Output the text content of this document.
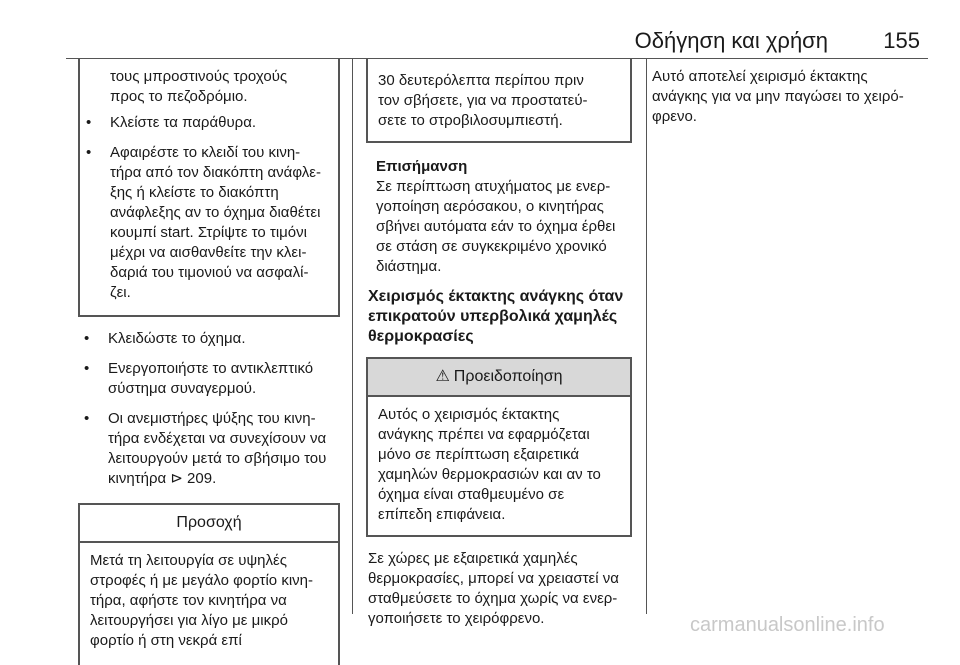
Οδήγηση και χρήση	155
τους μπροστινούς τροχούς
προς το πεζοδρόμιο.
• Κλείστε τα παράθυρα.
• Αφαιρέστε το κλειδί του κινη-
τήρα από τον διακόπτη ανάφλε-
ξης ή κλείστε το διακόπτη
ανάφλεξης αν το όχημα διαθέτει
κουμπί start. Στρίψτε το τιμόνι
μέχρι να αισθανθείτε την κλει-
δαριά του τιμονιού να ασφαλί-
ζει.
• Κλειδώστε το όχημα.
• Ενεργοποιήστε το αντικλεπτικό
σύστημα συναγερμού.
• Οι ανεμιστήρες ψύξης του κινη-
τήρα ενδέχεται να συνεχίσουν να
λειτουργούν μετά το σβήσιμο του
κινητήρα ⊳ 209.
Προσοχή
Μετά τη λειτουργία σε υψηλές
στροφές ή με μεγάλο φορτίο κινη-
τήρα, αφήστε τον κινητήρα να
λειτουργήσει για λίγο με μικρό
φορτίο ή στη νεκρά επί
30 δευτερόλεπτα περίπου πριν
τον σβήσετε, για να προστατεύ-
σετε το στροβιλοσυμπιεστή.
Επισήμανση
Σε περίπτωση ατυχήματος με ενερ-
γοποίηση αερόσακου, ο κινητήρας
σβήνει αυτόματα εάν το όχημα έρθει
σε στάση σε συγκεκριμένο χρονικό
διάστημα.
Χειρισμός έκτακτης ανάγκης όταν
επικρατούν υπερβολικά χαμηλές
θερμοκρασίες
⚠ Προειδοποίηση
Αυτός ο χειρισμός έκτακτης
ανάγκης πρέπει να εφαρμόζεται
μόνο σε περίπτωση εξαιρετικά
χαμηλών θερμοκρασιών και αν το
όχημα είναι σταθμευμένο σε
επίπεδη επιφάνεια.
Σε χώρες με εξαιρετικά χαμηλές
θερμοκρασίες, μπορεί να χρειαστεί να
σταθμεύσετε το όχημα χωρίς να ενερ-
γοποιήσετε το χειρόφρενο.
Αυτό αποτελεί χειρισμό έκτακτης
ανάγκης για να μην παγώσει το χειρό-
φρενο.
carmanualsonline.info
